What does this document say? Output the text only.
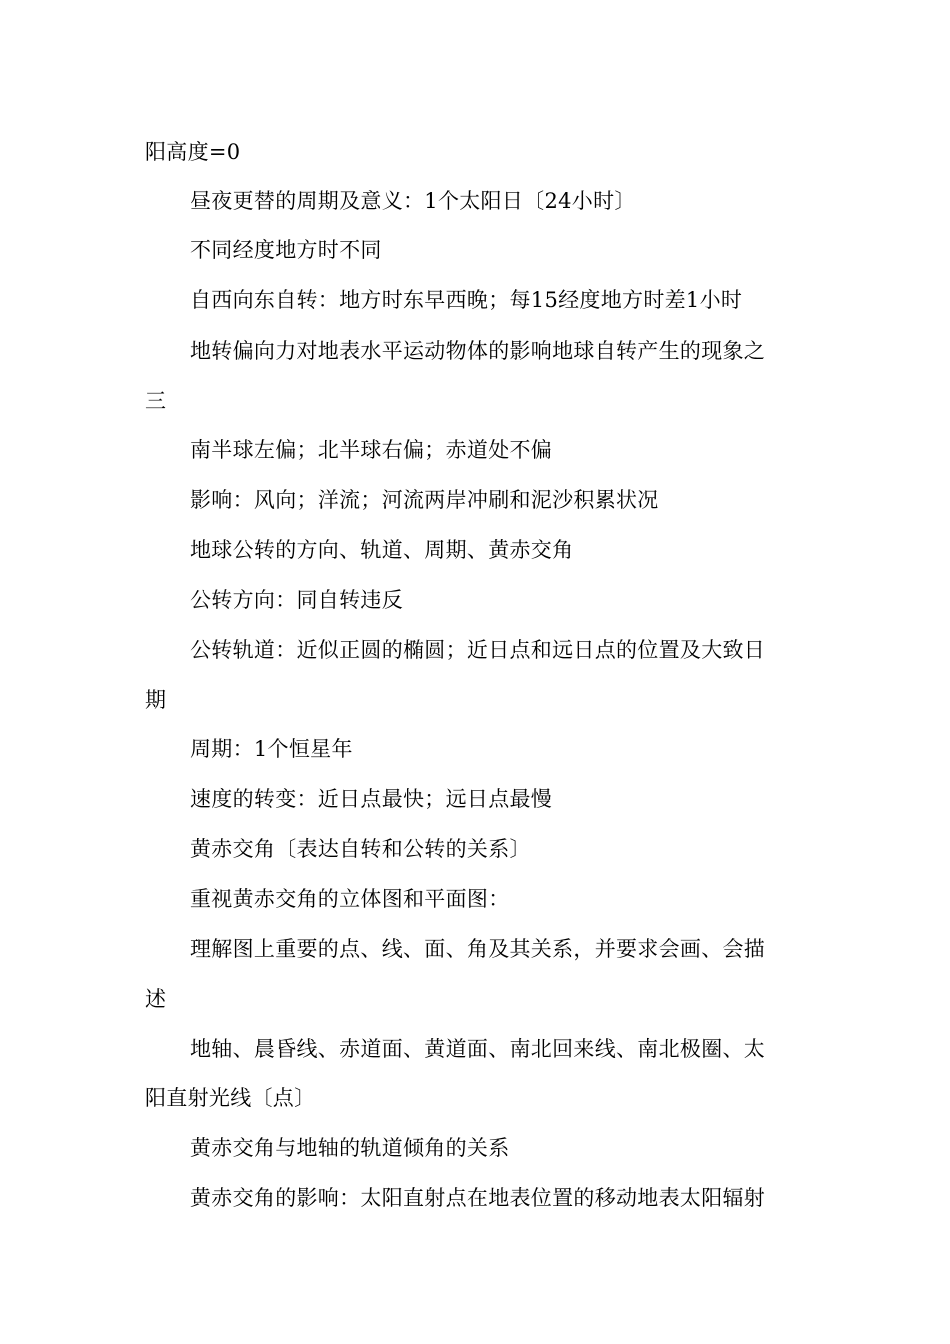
阳高度=0
昼夜更替的周期及意义：1个太阳日〔24小时〕
不同经度地方时不同
自西向东自转：地方时东早西晚；每15经度地方时差1小时
地转偏向力对地表水平运动物体的影响地球自转产生的现象之
三
南半球左偏；北半球右偏；赤道处不偏
影响：风向；洋流；河流两岸冲刷和泥沙积累状况
地球公转的方向、轨道、周期、黄赤交角
公转方向：同自转违反
公转轨道：近似正圆的椭圆；近日点和远日点的位置及大致日
期
周期：1个恒星年
速度的转变：近日点最快；远日点最慢
黄赤交角〔表达自转和公转的关系〕
重视黄赤交角的立体图和平面图：
理解图上重要的点、线、面、角及其关系，并要求会画、会描
述
地轴、晨昏线、赤道面、黄道面、南北回来线、南北极圈、太
阳直射光线〔点〕
黄赤交角与地轴的轨道倾角的关系
黄赤交角的影响：太阳直射点在地表位置的移动地表太阳辐射
